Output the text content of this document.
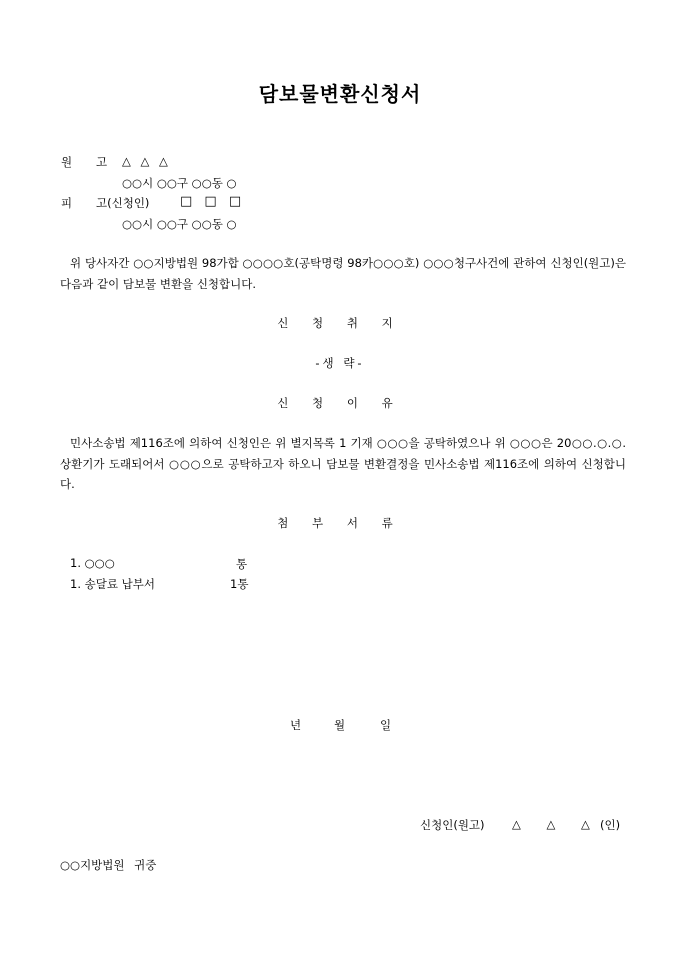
담보물변환신청서
원 고 △ △ △
○○시 ○○구 ○○동 ○
피 고(신청인) □ □ □
○○시 ○○구 ○○동 ○
위 당사자간 ○○지방법원 98가합 ○○○○호(공탁명령 98카○○○호) ○○○청구사건에 관하여 신청인(원고)은 다음과 같이 담보물 변환을 신청합니다.
신 청 취 지
-생 략-
신 청 이 유
민사소송법 제116조에 의하여 신청인은 위 별지목록 1 기재 ○○○을 공탁하였으나 위 ○○○은 20○○.○.○. 상환기가 도래되어서 ○○○으로 공탁하고자 하오니 담보물 변환결정을 민사소송법 제116조에 의하여 신청합니다.
첨 부 서 류
1. ○○○	통
1. 송달료 납부서	1통
년	월	일
신청인(원고) △ △ △ (인)
○○지방법원 귀중
